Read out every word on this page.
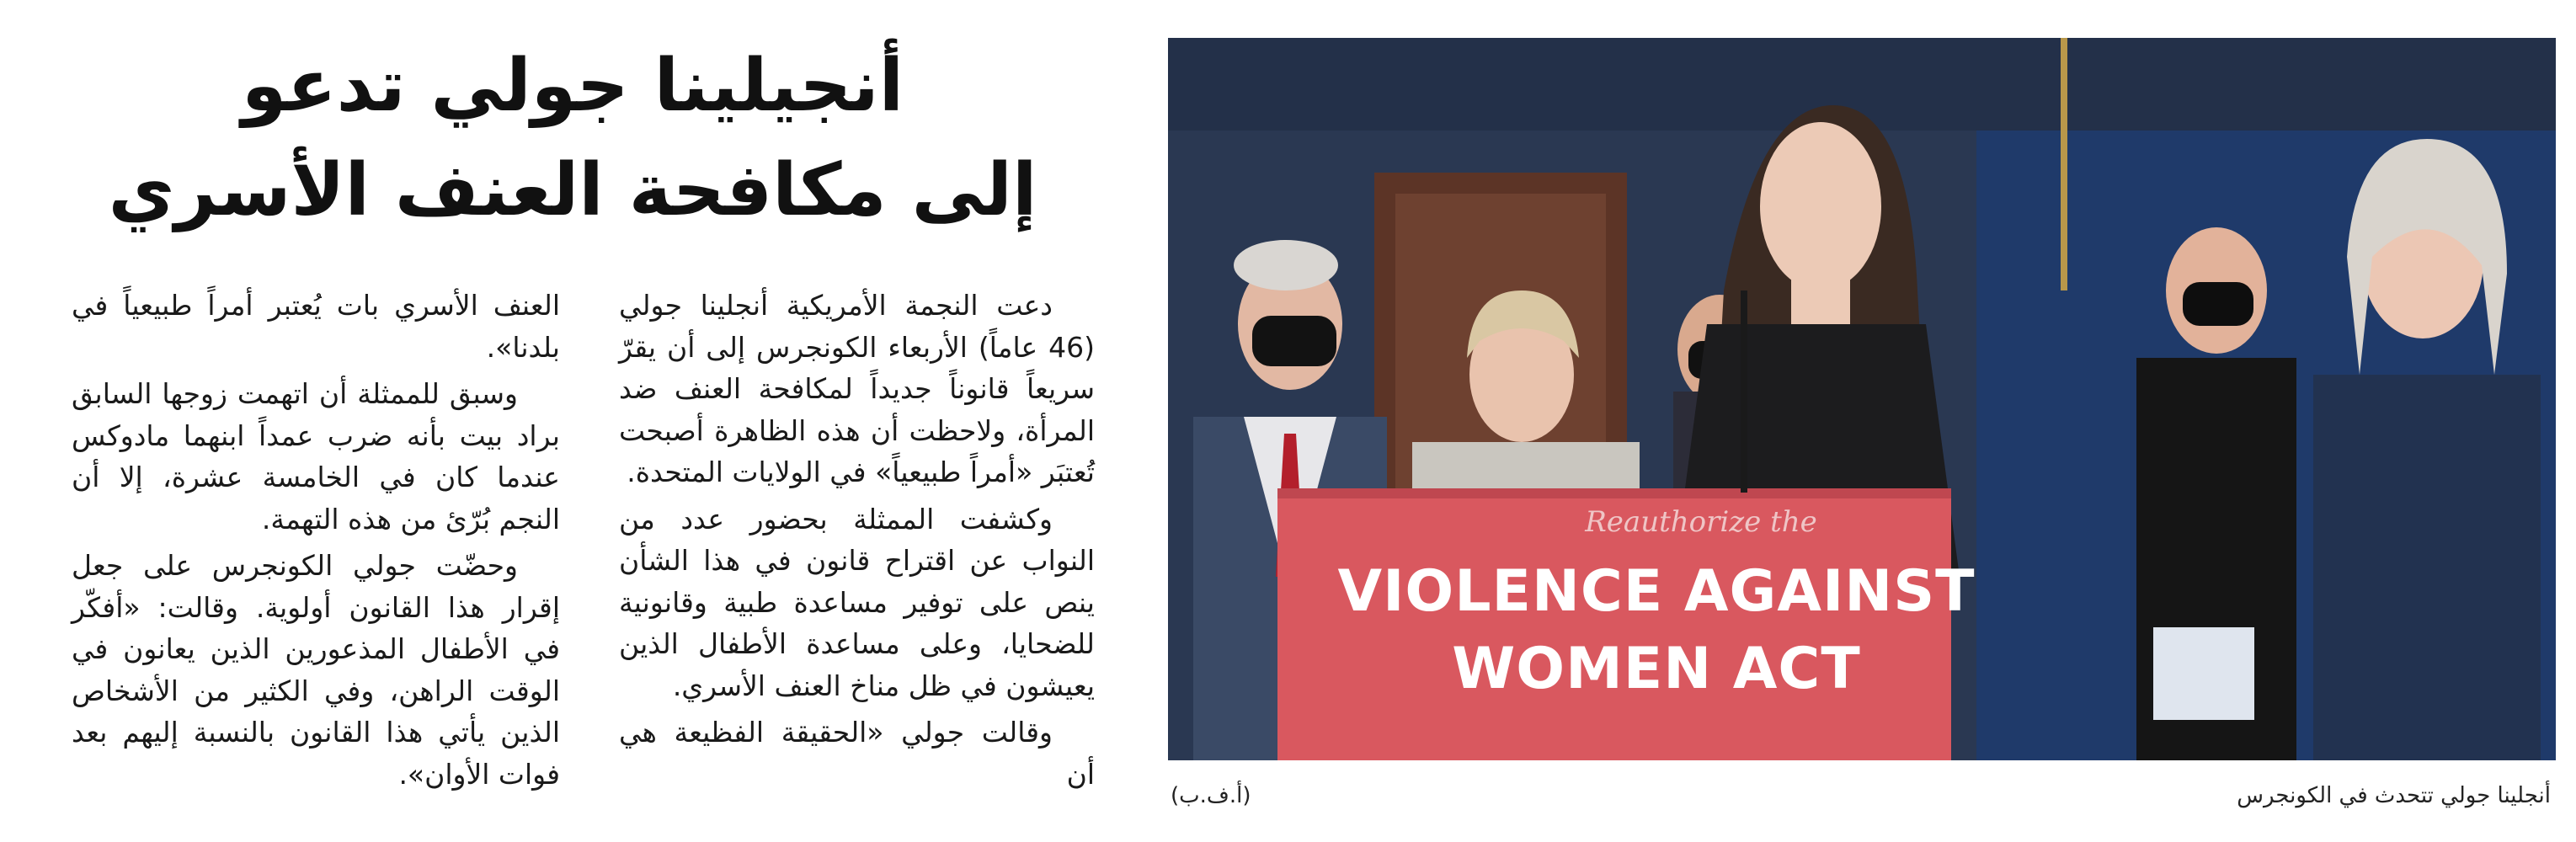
أنجيلينا جولي تدعو
إلى مكافحة العنف الأسري

دعت النجمة الأمريكية أنجلينا جولي (46 عاماً) الأربعاء الكونجرس إلى أن يقرّ سريعاً قانوناً جديداً لمكافحة العنف ضد المرأة، ولاحظت أن هذه الظاهرة أصبحت تُعتبَر «أمراً طبيعياً» في الولايات المتحدة.

وكشفت الممثلة بحضور عدد من النواب عن اقتراح قانون في هذا الشأن ينص على توفير مساعدة طبية وقانونية للضحايا، وعلى مساعدة الأطفال الذين يعيشون في ظل مناخ العنف الأسري.

وقالت جولي «الحقيقة الفظيعة هي أن

العنف الأسري بات يُعتبر أمراً طبيعياً في بلدنا».

وسبق للممثلة أن اتهمت زوجها السابق براد بيت بأنه ضرب عمداً ابنهما مادوكس عندما كان في الخامسة عشرة، إلا أن النجم بُرّئ من هذه التهمة.

وحضّت جولي الكونجرس على جعل إقرار هذا القانون أولوية. وقالت: «أفكّر في الأطفال المذعورين الذين يعانون في الوقت الراهن، وفي الكثير من الأشخاص الذين يأتي هذا القانون بالنسبة إليهم بعد فوات الأوان».

Reauthorize the
VIOLENCE AGAINST
WOMEN ACT
أنجلينا جولي تتحدث في الكونجرس
(أ.ف.ب)
